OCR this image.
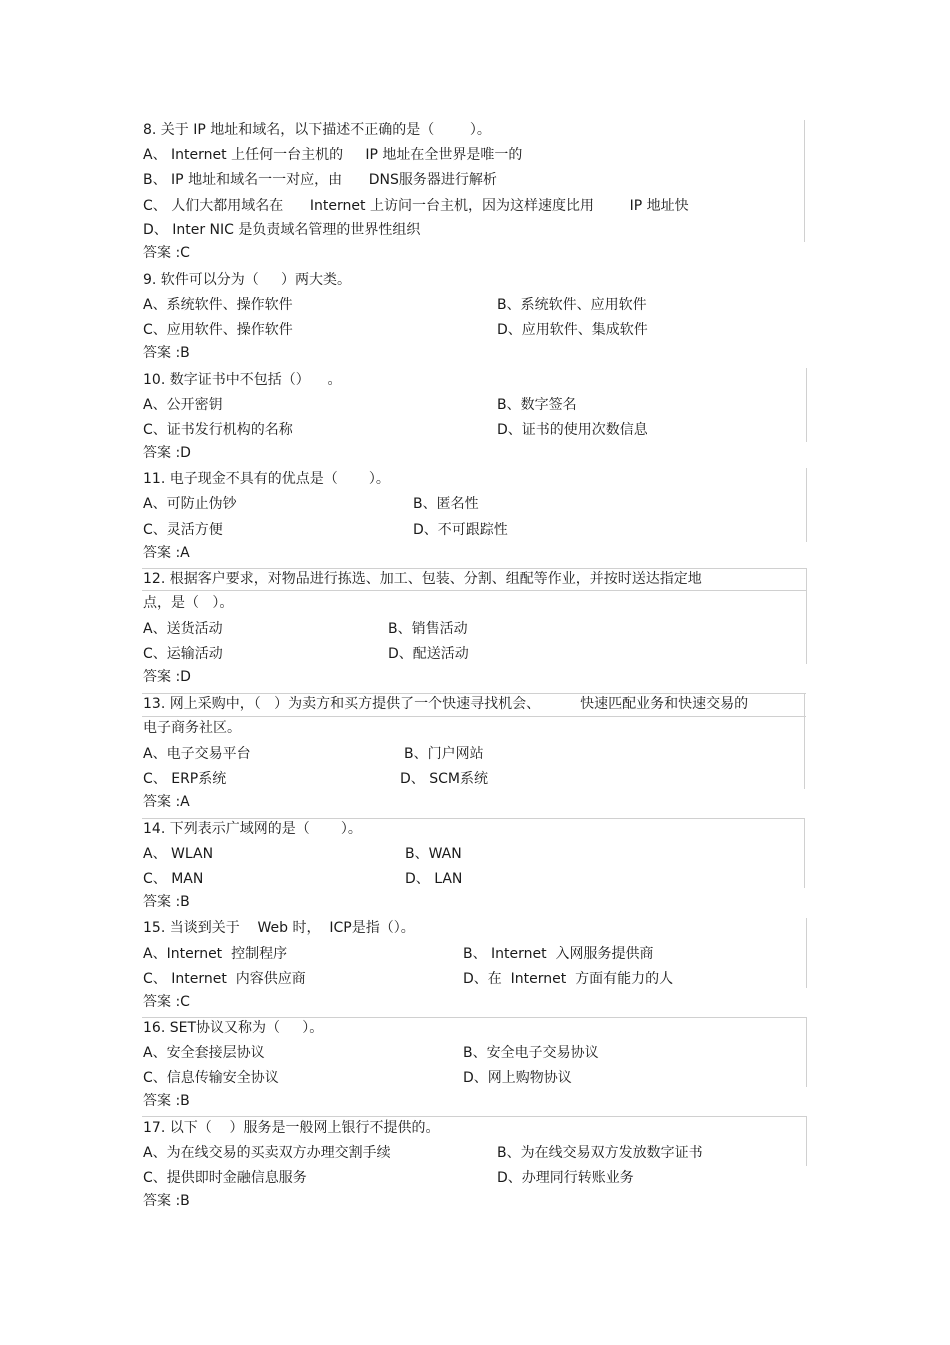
8. 关于 IP 地址和域名，以下描述不正确的是（        ）。
A、 Internet 上任何一台主机的     IP 地址在全世界是唯一的
B、 IP 地址和域名一一对应，由      DNS服务器进行解析
C、 人们大都用域名在      Internet 上访问一台主机，因为这样速度比用        IP 地址快
D、 Inter NIC 是负责域名管理的世界性组织
答案 :C
9. 软件可以分为（     ）两大类。
A、系统软件、操作软件	B、系统软件、应用软件
C、应用软件、操作软件	D、应用软件、集成软件
答案 :B
10. 数字证书中不包括（）    。
A、公开密钥	B、数字签名
C、证书发行机构的名称	D、证书的使用次数信息
答案 :D
11. 电子现金不具有的优点是（       ）。
A、可防止伪钞	B、匿名性
C、灵活方便	D、不可跟踪性
答案 :A
12. 根据客户要求，对物品进行拣选、加工、包装、分割、组配等作业，并按时送达指定地
点，是（   ）。
A、送货活动	B、销售活动
C、运输活动	D、配送活动
答案 :D
13. 网上采购中，（   ）为卖方和买方提供了一个快速寻找机会、         快速匹配业务和快速交易的
电子商务社区。
A、电子交易平台	B、门户网站
C、 ERP系统	D、 SCM系统
答案 :A
14. 下列表示广域网的是（       ）。
A、 WLAN	B、WAN
C、 MAN	D、 LAN
答案 :B
15. 当谈到关于    Web 时，  ICP是指（）。
A、Internet  控制程序	B、 Internet  入网服务提供商
C、 Internet  内容供应商	D、在  Internet  方面有能力的人
答案 :C
16. SET协议又称为（     ）。
A、安全套接层协议	B、安全电子交易协议
C、信息传输安全协议	D、网上购物协议
答案 :B
17. 以下（    ）服务是一般网上银行不提供的。
A、为在线交易的买卖双方办理交割手续	B、为在线交易双方发放数字证书
C、提供即时金融信息服务	D、办理同行转账业务
答案 :B
